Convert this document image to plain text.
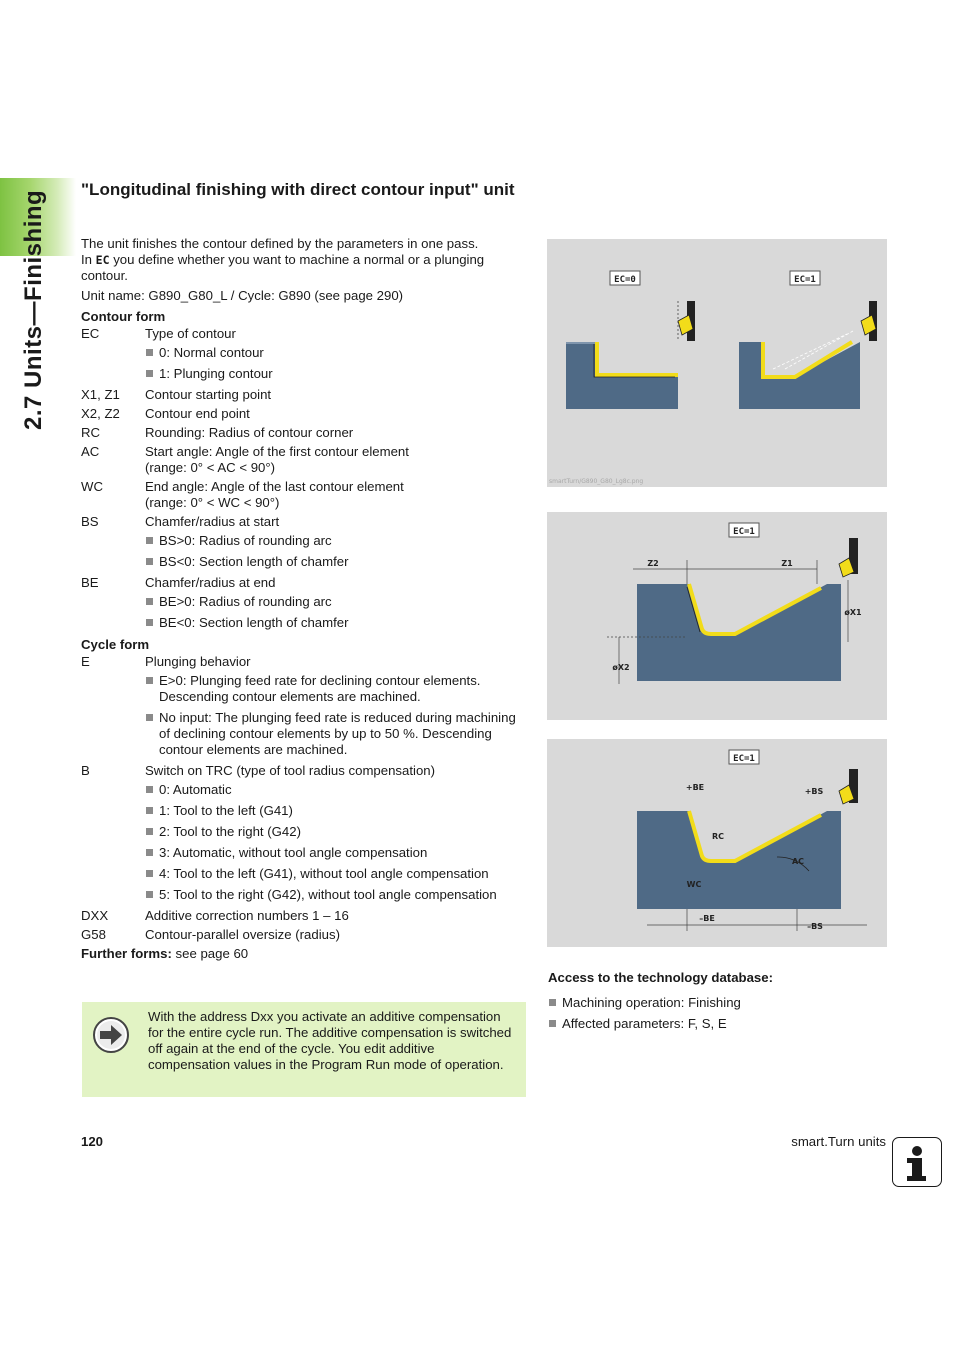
2.7 Units—Finishing
"Longitudinal finishing with direct contour input" unit

The unit finishes the contour defined by the parameters in one pass.

In EC you define whether you want to machine a normal or a plunging contour.

Unit name: G890_G80_L / Cycle: G890 (see page 290)

Contour form
EC	Type of contour
0: Normal contour
1: Plunging contour
X1, Z1	Contour starting point
X2, Z2	Contour end point
RC	Rounding: Radius of contour corner
AC	Start angle: Angle of the first contour element
(range: 0° < AC < 90°)
WC	End angle: Angle of the last contour element
(range: 0° < WC < 90°)
BS	Chamfer/radius at start
BS>0: Radius of rounding arc
BS<0: Section length of chamfer
BE	Chamfer/radius at end
BE>0: Radius of rounding arc
BE<0: Section length of chamfer
Cycle form
E	Plunging behavior
E>0: Plunging feed rate for declining contour elements. Descending contour elements are machined.
No input: The plunging feed rate is reduced during machining of declining contour elements by up to 50 %. Descending contour elements are machined.
B	Switch on TRC (type of tool radius compensation)
0: Automatic
1: Tool to the left (G41)
2: Tool to the right (G42)
3: Automatic, without tool angle compensation
4: Tool to the left (G41), without tool angle compensation
5: Tool to the right (G42), without tool angle compensation
DXX	Additive correction numbers 1 – 16
G58	Contour-parallel oversize (radius)
Further forms: see page 60
With the address Dxx you activate an additive compensation for the entire cycle run. The additive compensation is switched off again at the end of the cycle. You edit additive compensation values in the Program Run mode of operation.
EC=0	EC=1
smartTurn/G890_G80_Lg8c.png
EC=1
Z2	Z1
øX1
øX2
EC=1
+BE	+BS
RC
AC
WC
–BE
–BS
Access to the technology database:
Machining operation: Finishing
Affected parameters: F, S, E
120	smart.Turn units
